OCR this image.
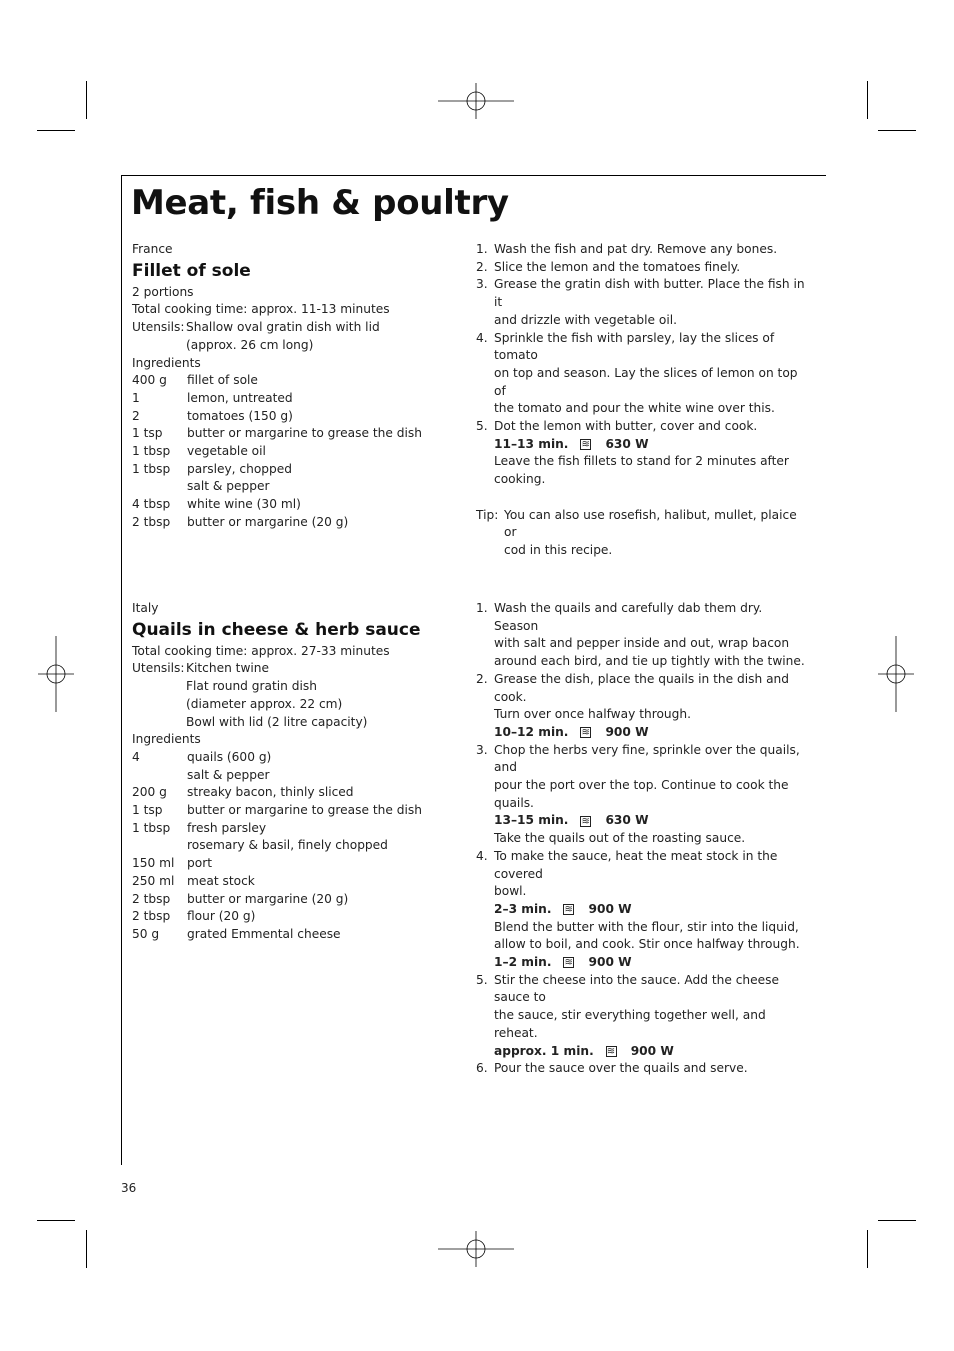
Meat, fish & poultry
France
Fillet of sole
2 portions
Total cooking time: approx. 11-13 minutes
Utensils: Shallow oval gratin dish with lid
(approx. 26 cm long)
Ingredients
400 g	fillet of sole
1	lemon, untreated
2	tomatoes (150 g)
1 tsp	butter or margarine to grease the dish
1 tbsp	vegetable oil
1 tbsp	parsley, chopped
salt & pepper
4 tbsp	white wine (30 ml)
2 tbsp	butter or margarine (20 g)
1. Wash the fish and pat dry. Remove any bones.
2. Slice the lemon and the tomatoes finely.
3. Grease the gratin dish with butter. Place the fish in it
and drizzle with vegetable oil.
4. Sprinkle the fish with parsley, lay the slices of tomato
on top and season. Lay the slices of lemon on top of
the tomato and pour the white wine over this.
5. Dot the lemon with butter, cover and cook.
11–13 min. ≋	630 W
Leave the fish fillets to stand for 2 minutes after
cooking.
Tip: You can also use rosefish, halibut, mullet, plaice or
cod in this recipe.
Italy
Quails in cheese & herb sauce
Total cooking time: approx. 27-33 minutes
Utensils: Kitchen twine
Flat round gratin dish
(diameter approx. 22 cm)
Bowl with lid (2 litre capacity)
Ingredients
4	quails (600 g)
salt & pepper
200 g	streaky bacon, thinly sliced
1 tsp	butter or margarine to grease the dish
1 tbsp	fresh parsley
rosemary & basil, finely chopped
150 ml	port
250 ml	meat stock
2 tbsp	butter or margarine (20 g)
2 tbsp	flour (20 g)
50 g	grated Emmental cheese
1. Wash the quails and carefully dab them dry. Season
with salt and pepper inside and out, wrap bacon
around each bird, and tie up tightly with the twine.
2. Grease the dish, place the quails in the dish and cook.
Turn over once halfway through.
10–12 min. ≋	900 W
3. Chop the herbs very fine, sprinkle over the quails, and
pour the port over the top. Continue to cook the
quails.
13–15 min. ≋	630 W
Take the quails out of the roasting sauce.
4. To make the sauce, heat the meat stock in the covered
bowl.
2–3 min. ≋	900 W
Blend the butter with the flour, stir into the liquid,
allow to boil, and cook. Stir once halfway through.
1–2 min. ≋	900 W
5. Stir the cheese into the sauce. Add the cheese sauce to
the sauce, stir everything together well, and reheat.
approx. 1 min. ≋	900 W
6. Pour the sauce over the quails and serve.
36
